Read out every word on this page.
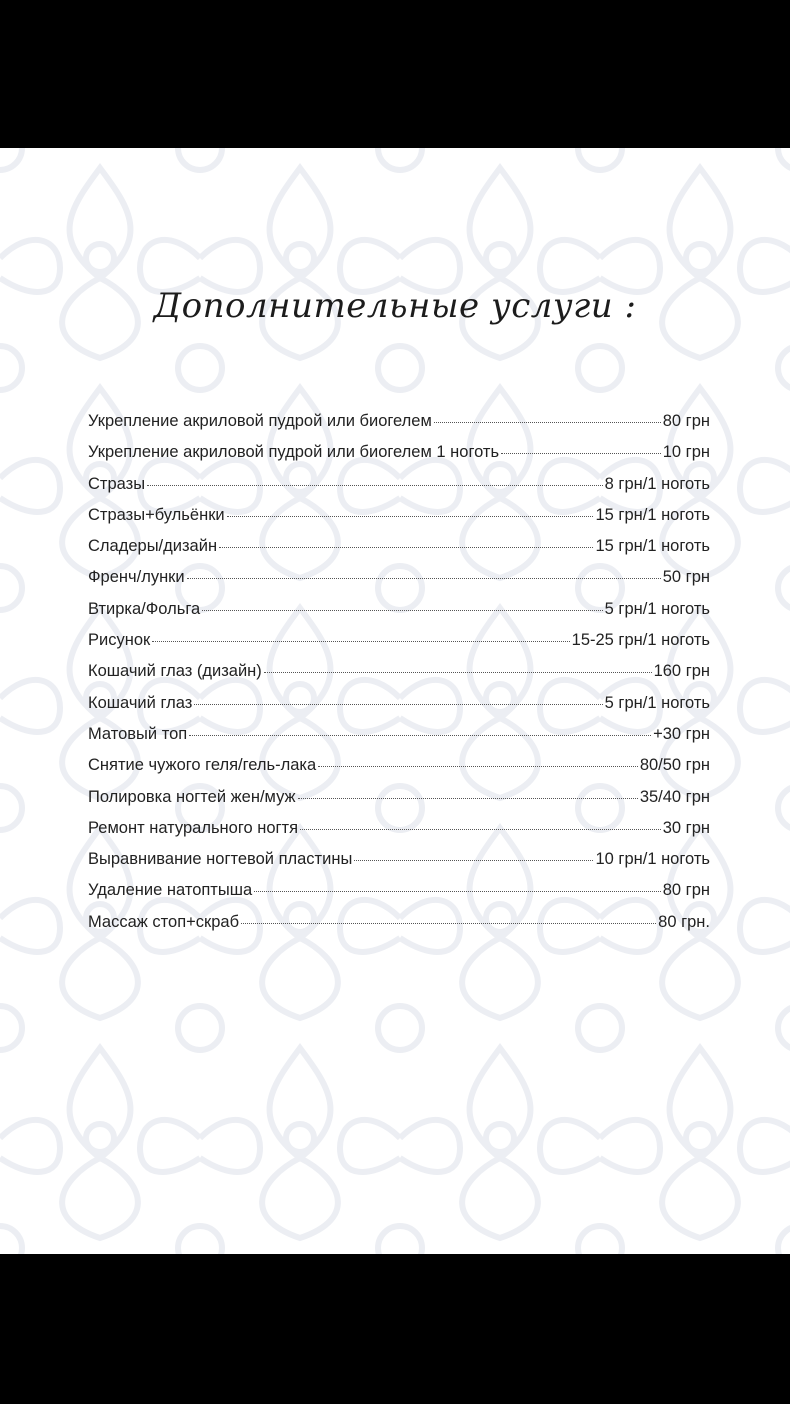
Дополнительные услуги :
Укрепление акриловой пудрой или биогелем	80 грн
Укрепление акриловой пудрой или биогелем 1 ноготь	10 грн
Стразы	8 грн/1 ноготь
Стразы+бульёнки	15 грн/1 ноготь
Сладеры/дизайн	15 грн/1 ноготь
Френч/лунки	50 грн
Втирка/Фольга	5 грн/1 ноготь
Рисунок	15-25 грн/1 ноготь
Кошачий глаз (дизайн)	160 грн
Кошачий глаз	5 грн/1 ноготь
Матовый топ	+30 грн
Снятие чужого геля/гель-лака	80/50 грн
Полировка ногтей жен/муж	35/40 грн
Ремонт натурального ногтя	30 грн
Выравнивание ногтевой пластины	10 грн/1 ноготь
Удаление натоптыша	80 грн
Массаж стоп+скраб	80 грн.
